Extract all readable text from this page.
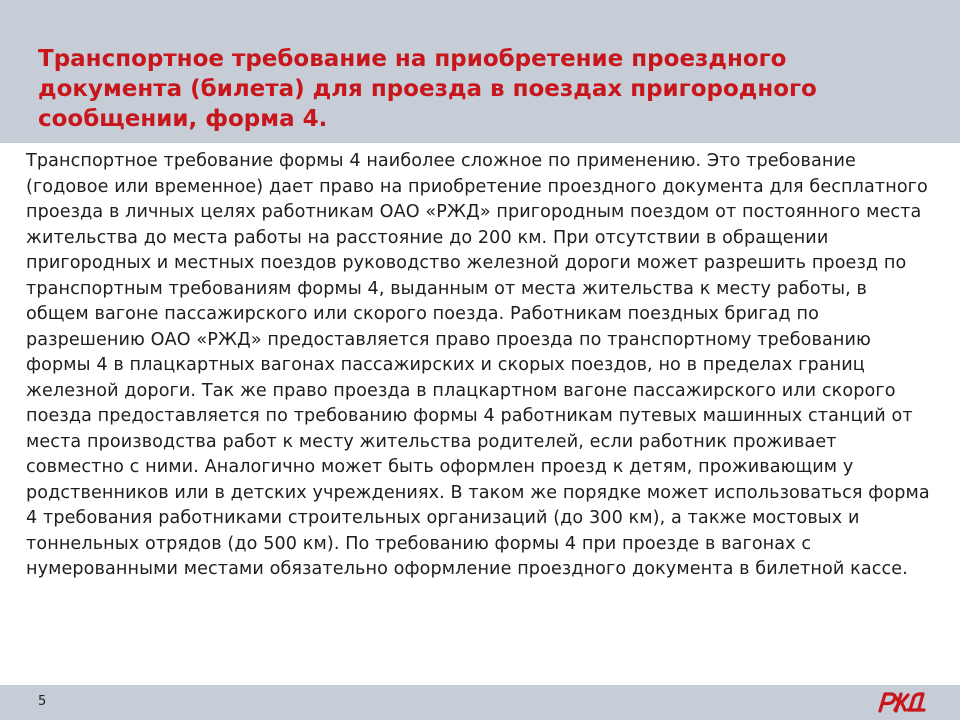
Транспортное требование на приобретение проездного документа (билета) для проезда в поездах пригородного сообщении, форма 4.

Транспортное требование формы 4 наиболее сложное по применению. Это требование (годовое или временное) дает право на приобретение проездного документа для бесплатного проезда в личных целях работникам ОАО «РЖД» пригородным поездом от постоянного места жительства до места работы на расстояние до 200 км. При отсутствии в обращении пригородных и местных поездов руководство железной дороги может разрешить проезд по транспортным требованиям формы 4, выданным от места жительства к месту работы, в общем вагоне пассажирского или скорого поезда. Работникам поездных бригад по разрешению ОАО «РЖД» предоставляется право проезда по транспортному требованию формы 4 в плацкартных вагонах пассажирских и скорых поездов, но в пределах границ железной дороги. Так же право проезда в плацкартном вагоне пассажирского или скорого поезда предоставляется по требованию формы 4 работникам путевых машинных станций от места производства работ к месту жительства родителей, если работник проживает совместно с ними. Аналогично может быть оформлен проезд к детям, проживающим у родственников или в детских учреждениях. В таком же порядке может использоваться форма 4 требования работниками строительных организаций (до 300 км), а также мостовых и тоннельных отрядов (до 500 км). По требованию формы 4 при проезде в вагонах с нумерованными местами обязательно оформление проездного документа в билетной кассе.

5
